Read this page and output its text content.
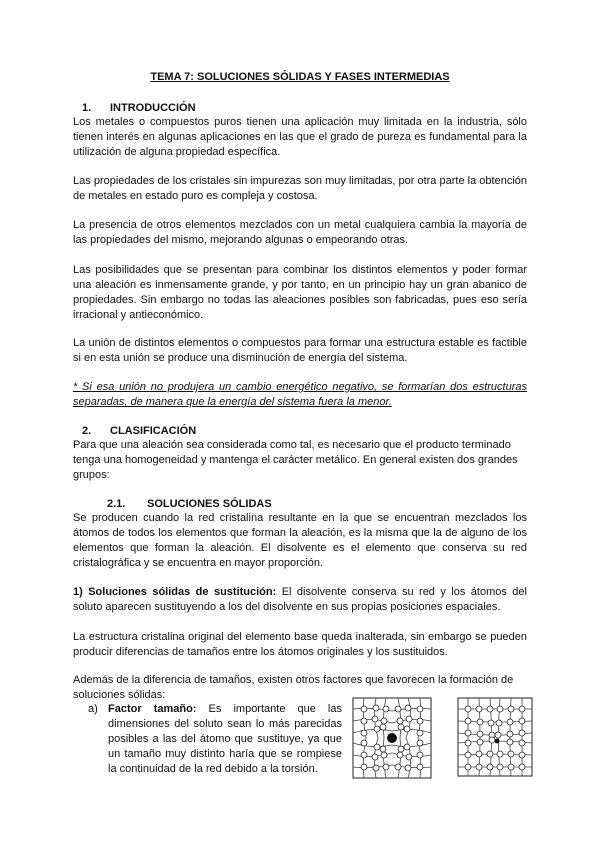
TEMA 7: SOLUCIONES SÓLIDAS Y FASES INTERMEDIAS
1. INTRODUCCIÓN
Los metales o compuestos puros tienen una aplicación muy limitada en la industria, sólo tienen interés en algunas aplicaciones en las que el grado de pureza es fundamental para la utilización de alguna propiedad específica.
Las propiedades de los cristales sin impurezas son muy limitadas, por otra parte la obtención de metales en estado puro es compleja y costosa.
La presencia de otros elementos mezclados con un metal cualquiera cambia la mayoría de las propiedades del mismo, mejorando algunas o empeorando otras.
Las posibilidades que se presentan para combinar los distintos elementos y poder formar una aleación es inmensamente grande, y por tanto, en un principio hay un gran abanico de propiedades. Sin embargo no todas las aleaciones posibles son fabricadas, pues eso sería irracional y antieconómico.
La unión de distintos elementos o compuestos para formar una estructura estable es factible si en esta unión se produce una disminución de energía del sistema.
* Si esa unión no produjera un cambio energético negativo, se formarían dos estructuras separadas, de manera que la energía del sistema fuera la menor.
2. CLASIFICACIÓN
Para que una aleación sea considerada como tal, es necesario que el producto terminado tenga una homogeneidad y mantenga el carácter metálico. En general existen dos grandes grupos:
2.1. SOLUCIONES SÓLIDAS
Se producen cuando la red cristalina resultante en la que se encuentran mezclados los átomos de todos los elementos que forman la aleación, es la misma que la de alguno de los elementos que forman la aleación. El disolvente es el elemento que conserva su red cristalográfica y se encuentra en mayor proporción.
1) Soluciones sólidas de sustitución: El disolvente conserva su red y los átomos del soluto aparecen sustituyendo a los del disolvente en sus propias posiciones espaciales.
La estructura cristalina original del elemento base queda inalterada, sin embargo se pueden producir diferencias de tamaños entre los átomos originales y los sustituidos.
Además de la diferencia de tamaños, existen otros factores que favorecen la formación de soluciones sólidas:
a) Factor tamaño: Es importante que las dimensiones del soluto sean lo más parecidas posibles a las del átomo que sustituye, ya que un tamaño muy distinto haría que se rompiese la continuidad de la red debido a la torsión.
